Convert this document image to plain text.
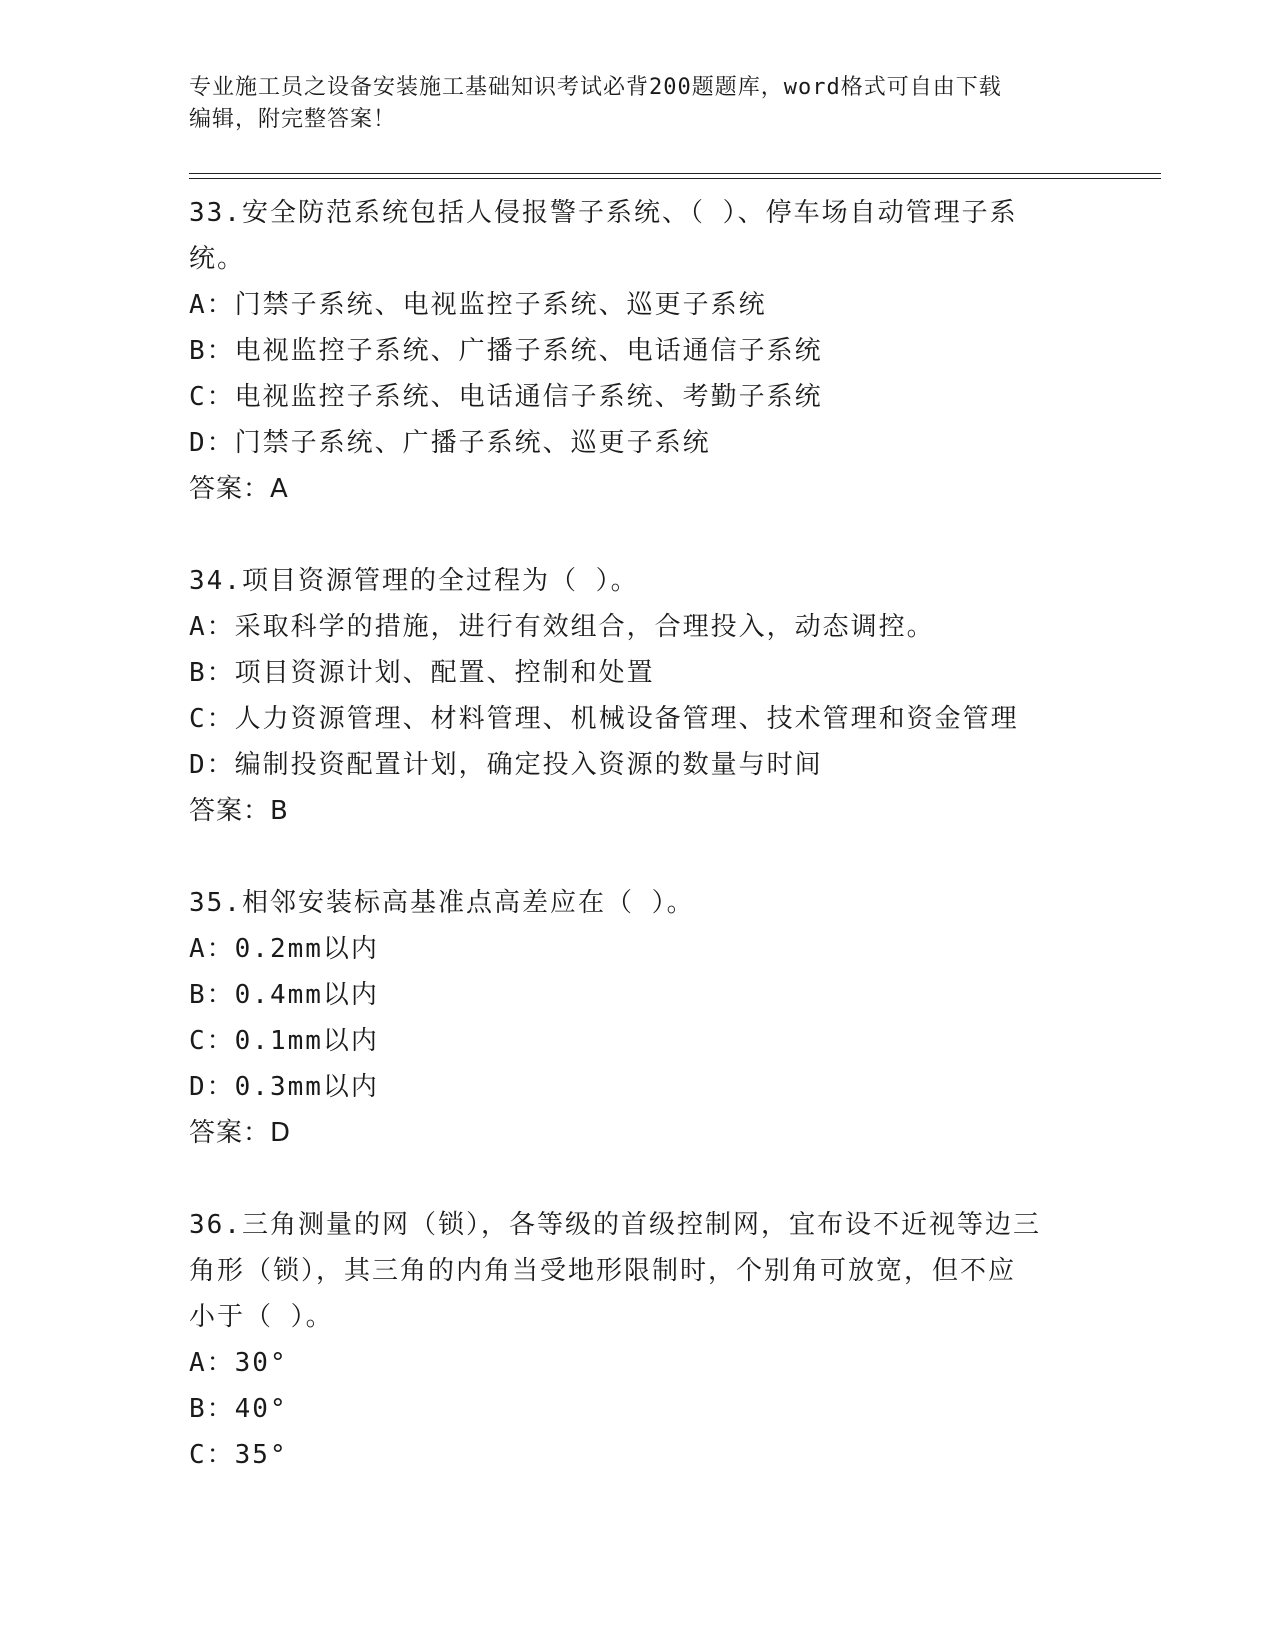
专业施工员之设备安装施工基础知识考试必背200题题库，word格式可自由下载
编辑，附完整答案！
33.安全防范系统包括人侵报警子系统、（ ）、停车场自动管理子系
统。
A：门禁子系统、电视监控子系统、巡更子系统
B：电视监控子系统、广播子系统、电话通信子系统
C：电视监控子系统、电话通信子系统、考勤子系统
D：门禁子系统、广播子系统、巡更子系统
答案：A
34.项目资源管理的全过程为（ ）。
A：采取科学的措施，进行有效组合，合理投入，动态调控。
B：项目资源计划、配置、控制和处置
C：人力资源管理、材料管理、机械设备管理、技术管理和资金管理
D：编制投资配置计划，确定投入资源的数量与时间
答案：B
35.相邻安装标高基准点高差应在（ ）。
A：0.2mm以内
B：0.4mm以内
C：0.1mm以内
D：0.3mm以内
答案：D
36.三角测量的网（锁），各等级的首级控制网，宜布设不近视等边三
角形（锁），其三角的内角当受地形限制时，个别角可放宽，但不应
小于（ ）。
A：30°
B：40°
C：35°
